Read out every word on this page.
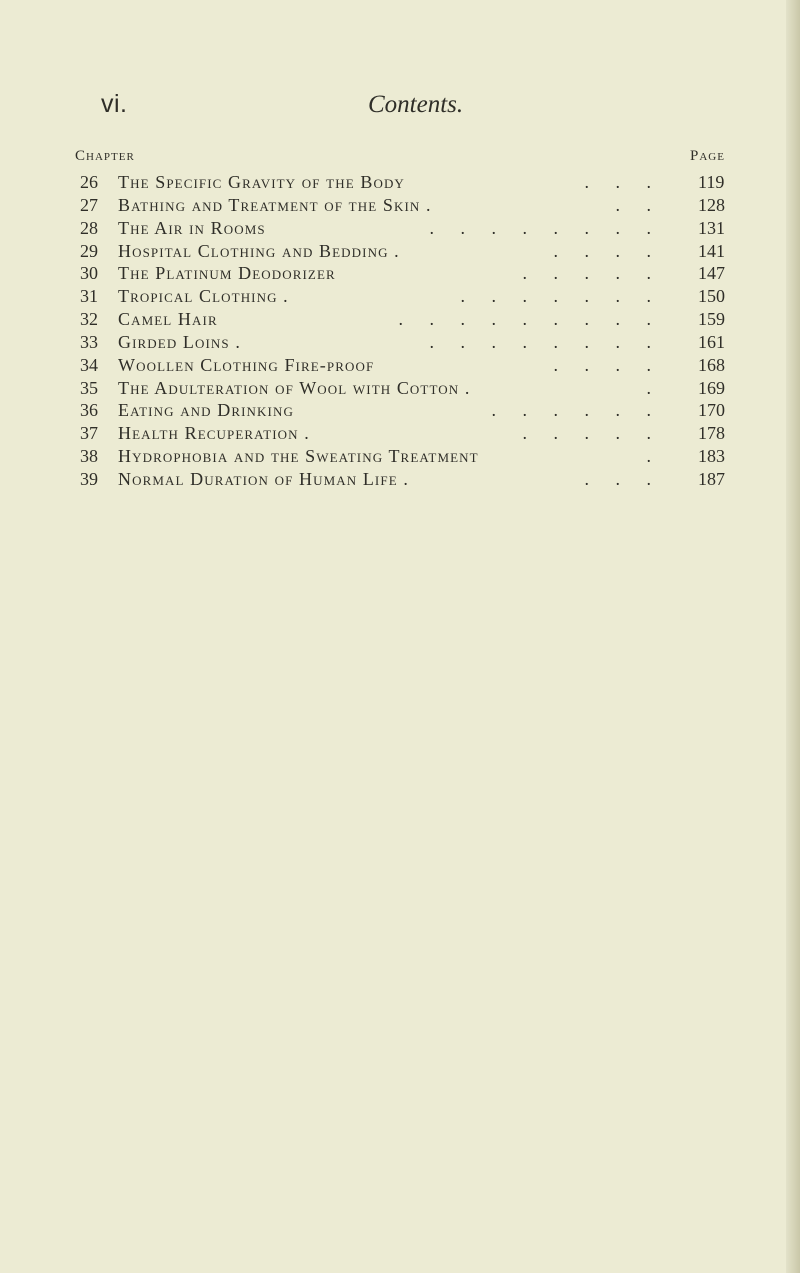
vi.	Contents.
Chapter	Page
26	The Specific Gravity of the Body	. . . 119
27	Bathing and Treatment of the Skin .	. . 128
28	The Air in Rooms	. . . . . . . . 131
29	Hospital Clothing and Bedding .	. . . . 141
30	The Platinum Deodorizer	. . . . . 147
31	Tropical Clothing .	. . . . . . . 150
32	Camel Hair	. . . . . . . . . 159
33	Girded Loins .	. . . . . . . . 161
34	Woollen Clothing Fire-proof	. . . . 168
35	The Adulteration of Wool with Cotton .	. 169
36	Eating and Drinking	. . . . . . 170
37	Health Recuperation .	. . . . . 178
38	Hydrophobia and the Sweating Treatment	. 183
39	Normal Duration of Human Life .	. . . 187
